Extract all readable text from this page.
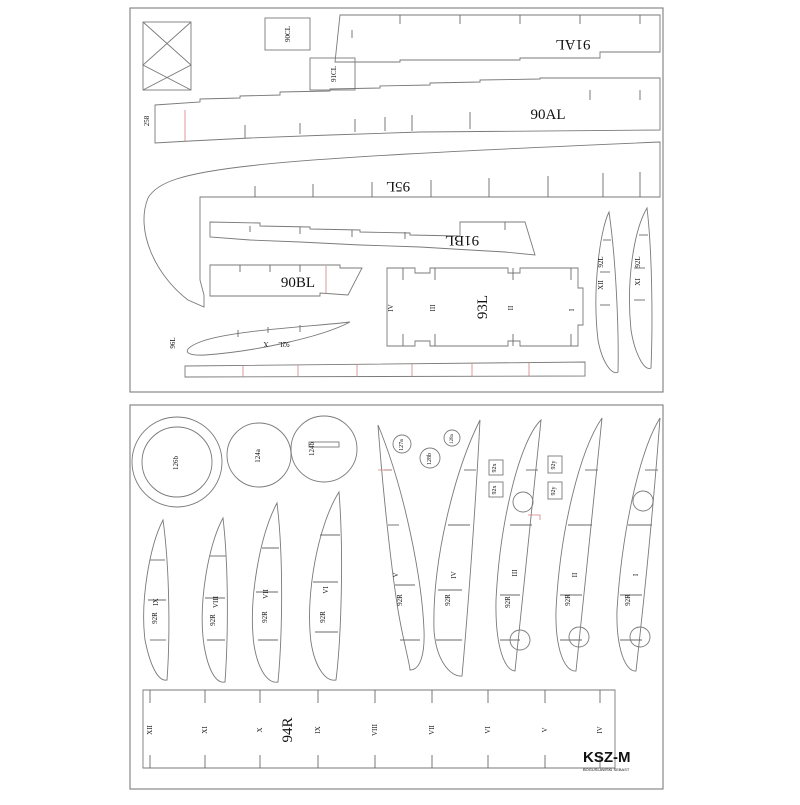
90CL
91CL
91AL
258	90AL
95L
91BL
90BL
IV	III	93L II	I
92L
X
96L
92L
XII
92L
XI
126b	124a	124b	127a
128a
128b
92x
92x
92y
92y
92R
IX
92R
VIII
92R
VII
92R
VI
92R
V
92R
IV
92R
III
92R
II
92R
I
XII	XI	X	IX	VIII	VII	VI	V	IV
94R
KSZ-M
BOGUSLAWSKI SEBAST
